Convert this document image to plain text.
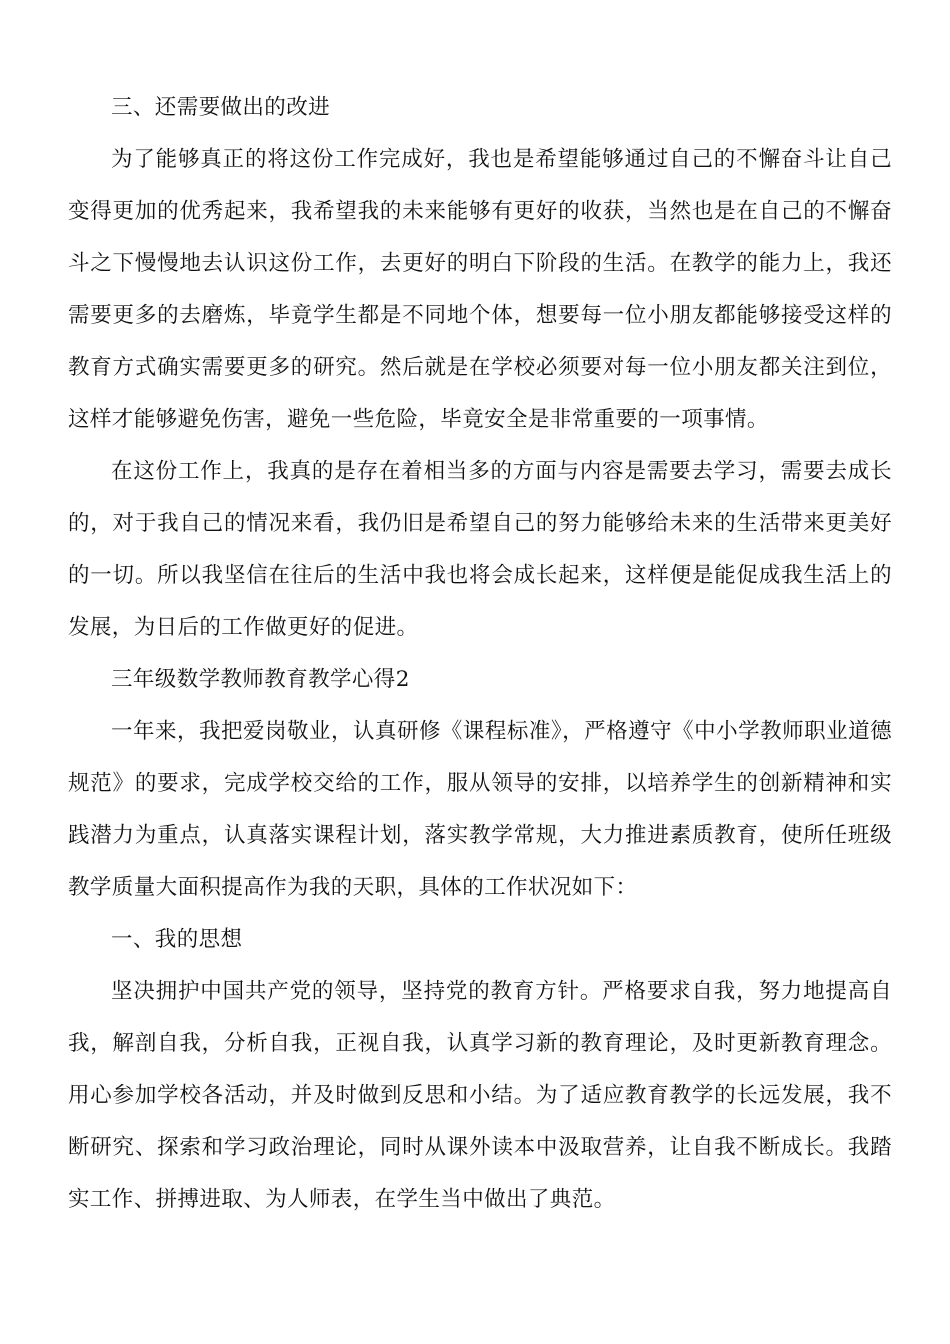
三、还需要做出的改进

为了能够真正的将这份工作完成好，我也是希望能够通过自己的不懈奋斗让自己变得更加的优秀起来，我希望我的未来能够有更好的收获，当然也是在自己的不懈奋斗之下慢慢地去认识这份工作，去更好的明白下阶段的生活。在教学的能力上，我还需要更多的去磨炼，毕竟学生都是不同地个体，想要每一位小朋友都能够接受这样的教育方式确实需要更多的研究。然后就是在学校必须要对每一位小朋友都关注到位，这样才能够避免伤害，避免一些危险，毕竟安全是非常重要的一项事情。

在这份工作上，我真的是存在着相当多的方面与内容是需要去学习，需要去成长的，对于我自己的情况来看，我仍旧是希望自己的努力能够给未来的生活带来更美好的一切。所以我坚信在往后的生活中我也将会成长起来，这样便是能促成我生活上的发展，为日后的工作做更好的促进。

三年级数学教师教育教学心得2

一年来，我把爱岗敬业，认真研修《课程标准》，严格遵守《中小学教师职业道德规范》的要求，完成学校交给的工作，服从领导的安排，以培养学生的创新精神和实践潜力为重点，认真落实课程计划，落实教学常规，大力推进素质教育，使所任班级教学质量大面积提高作为我的天职，具体的工作状况如下：

一、我的思想

坚决拥护中国共产党的领导，坚持党的教育方针。严格要求自我，努力地提高自我，解剖自我，分析自我，正视自我，认真学习新的教育理论，及时更新教育理念。用心参加学校各活动，并及时做到反思和小结。为了适应教育教学的长远发展，我不断研究、探索和学习政治理论，同时从课外读本中汲取营养，让自我不断成长。我踏实工作、拼搏进取、为人师表，在学生当中做出了典范。
